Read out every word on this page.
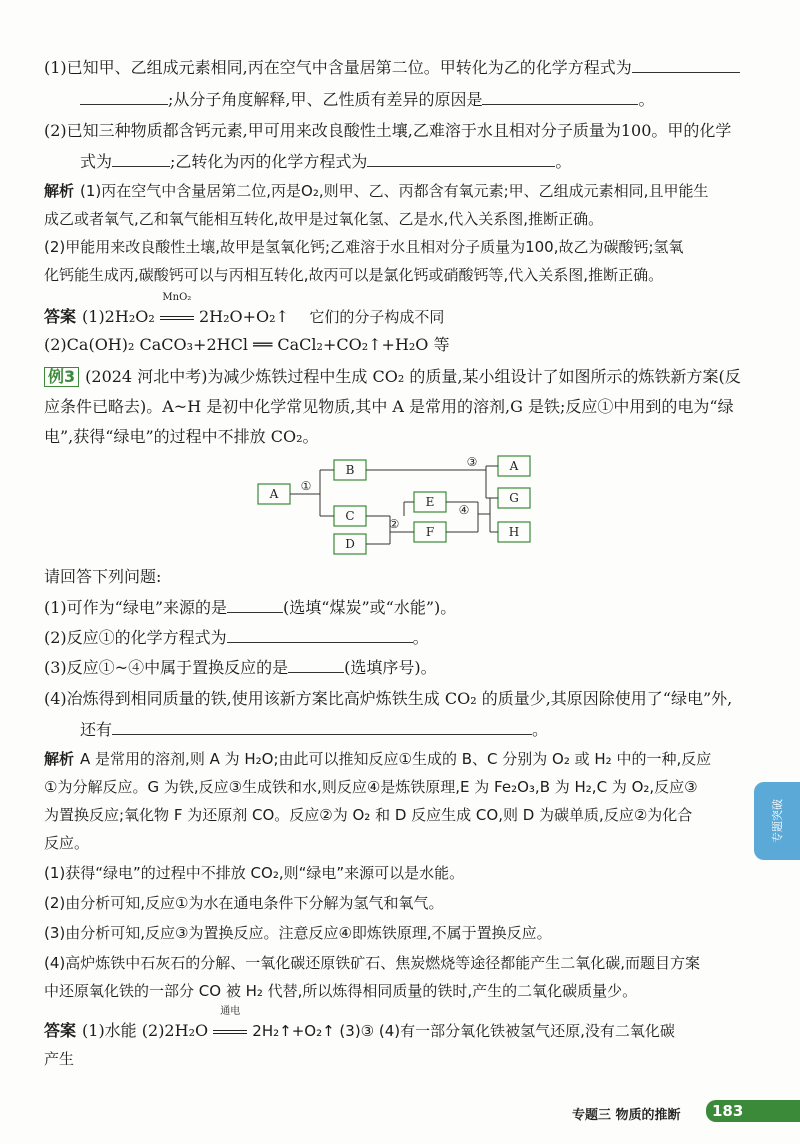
(1)已知甲、乙组成元素相同,丙在空气中含量居第二位。甲转化为乙的化学方程式为
;从分子角度解释,甲、乙性质有差异的原因是	。
(2)已知三种物质都含钙元素,甲可用来改良酸性土壤,乙难溶于水且相对分子质量为100。甲的化学
式为	;乙转化为丙的化学方程式为	。
解析 (1)丙在空气中含量居第二位,丙是O₂,则甲、乙、丙都含有氧元素;甲、乙组成元素相同,且甲能生
成乙或者氧气,乙和氧气能相互转化,故甲是过氧化氢、乙是水,代入关系图,推断正确。
(2)甲能用来改良酸性土壤,故甲是氢氧化钙;乙难溶于水且相对分子质量为100,故乙为碳酸钙;氢氧
化钙能生成丙,碳酸钙可以与丙相互转化,故丙可以是氯化钙或硝酸钙等,代入关系图,推断正确。
答案 (1)2H₂O₂
MnO₂
2H₂O+O₂↑ 它们的分子构成不同
(2)Ca(OH)₂ CaCO₃+2HCl ══ CaCl₂+CO₂↑+H₂O 等
例3 (2024 河北中考)为减少炼铁过程中生成 CO₂ 的质量,某小组设计了如图所示的炼铁新方案(反
应条件已略去)。A~H 是初中化学常见物质,其中 A 是常用的溶剂,G 是铁;反应①中用到的电为“绿
电”,获得“绿电”的过程中不排放 CO₂。
A
B
C
D
E
F
A
G
H
①
②
③
④
请回答下列问题:
(1)可作为“绿电”来源的是	(选填“煤炭”或“水能”)。
(2)反应①的化学方程式为	。
(3)反应①~④中属于置换反应的是	(选填序号)。
(4)冶炼得到相同质量的铁,使用该新方案比高炉炼铁生成 CO₂ 的质量少,其原因除使用了“绿电”外,
还有	。
解析 A 是常用的溶剂,则 A 为 H₂O;由此可以推知反应①生成的 B、C 分别为 O₂ 或 H₂ 中的一种,反应
①为分解反应。G 为铁,反应③生成铁和水,则反应④是炼铁原理,E 为 Fe₂O₃,B 为 H₂,C 为 O₂,反应③
为置换反应;氧化物 F 为还原剂 CO。反应②为 O₂ 和 D 反应生成 CO,则 D 为碳单质,反应②为化合
反应。
(1)获得“绿电”的过程中不排放 CO₂,则“绿电”来源可以是水能。
(2)由分析可知,反应①为水在通电条件下分解为氢气和氧气。
(3)由分析可知,反应③为置换反应。注意反应④即炼铁原理,不属于置换反应。
(4)高炉炼铁中石灰石的分解、一氧化碳还原铁矿石、焦炭燃烧等途径都能产生二氧化碳,而题目方案
中还原氧化铁的一部分 CO 被 H₂ 代替,所以炼得相同质量的铁时,产生的二氧化碳质量少。
答案 (1)水能 (2)2H₂O
通电
2H₂↑+O₂↑ (3)③ (4)有一部分氧化铁被氢气还原,没有二氧化碳
产生
专题突破
专题三 物质的推断	183
